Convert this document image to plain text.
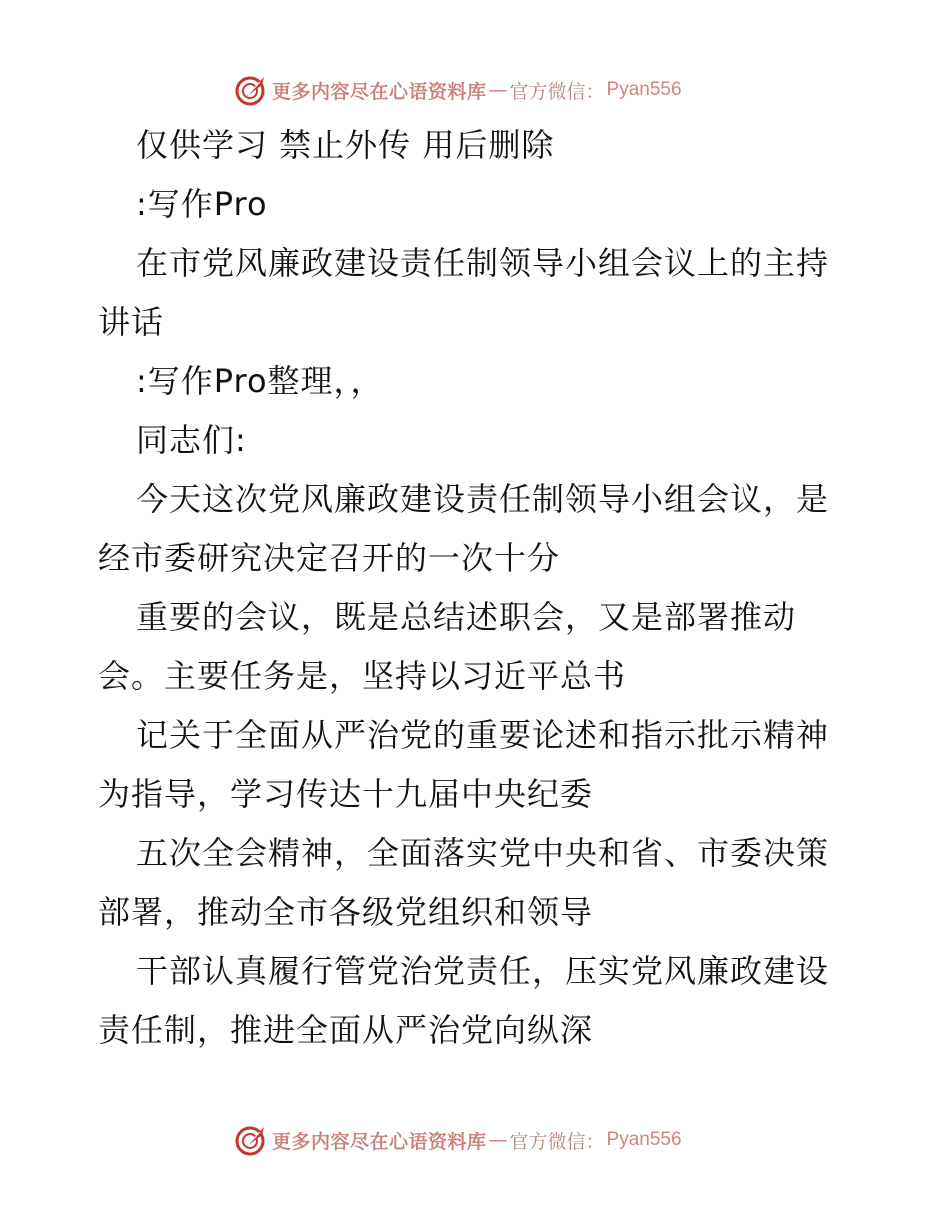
更多内容尽在心语资料库 — 官方微信： Pyan556
仅供学习 禁止外传 用后删除
:写作Pro
在市党风廉政建设责任制领导小组会议上的主持
讲话
:写作Pro整理，，
同志们:
今天这次党风廉政建设责任制领导小组会议，是
经市委研究决定召开的一次十分
重要的会议，既是总结述职会，又是部署推动
会。主要任务是，坚持以习近平总书
记关于全面从严治党的重要论述和指示批示精神
为指导，学习传达十九届中央纪委
五次全会精神，全面落实党中央和省、市委决策
部署，推动全市各级党组织和领导
干部认真履行管党治党责任，压实党风廉政建设
责任制，推进全面从严治党向纵深
更多内容尽在心语资料库 — 官方微信： Pyan556
